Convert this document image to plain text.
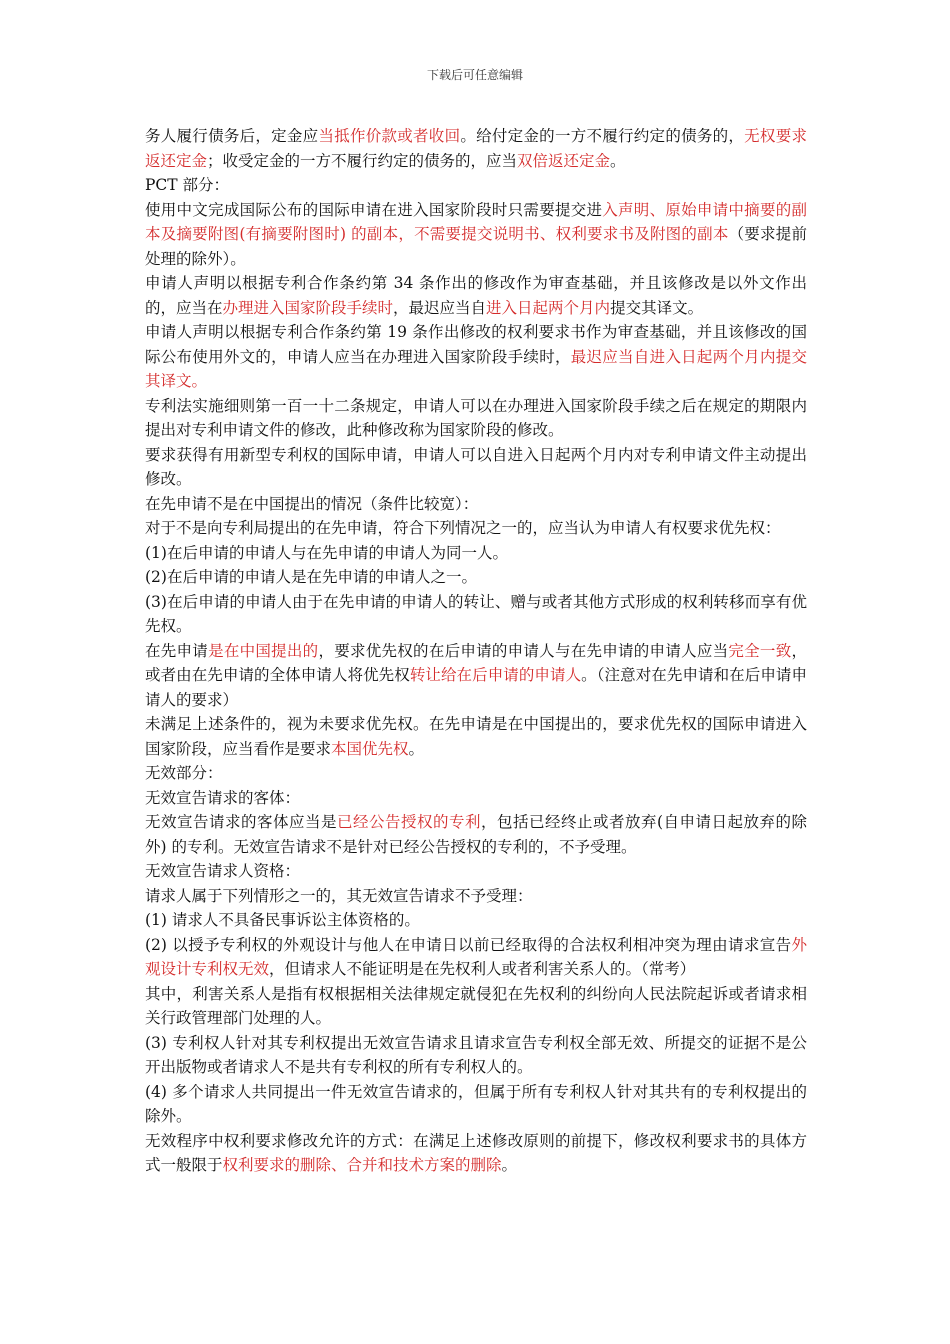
下载后可任意编辑

务人履行债务后，定金应当抵作价款或者收回。给付定金的一方不履行约定的债务的，无权要求返还定金；收受定金的一方不履行约定的债务的，应当双倍返还定金。

PCT 部分：

使用中文完成国际公布的国际申请在进入国家阶段时只需要提交进入声明、原始申请中摘要的副本及摘要附图(有摘要附图时) 的副本，不需要提交说明书、权利要求书及附图的副本（要求提前处理的除外）。

申请人声明以根据专利合作条约第 34 条作出的修改作为审查基础，并且该修改是以外文作出的，应当在办理进入国家阶段手续时，最迟应当自进入日起两个月内提交其译文。

申请人声明以根据专利合作条约第 19 条作出修改的权利要求书作为审查基础，并且该修改的国际公布使用外文的，申请人应当在办理进入国家阶段手续时，最迟应当自进入日起两个月内提交其译文。

专利法实施细则第一百一十二条规定，申请人可以在办理进入国家阶段手续之后在规定的期限内提出对专利申请文件的修改，此种修改称为国家阶段的修改。

要求获得有用新型专利权的国际申请，申请人可以自进入日起两个月内对专利申请文件主动提出修改。

在先申请不是在中国提出的情况（条件比较宽）：

对于不是向专利局提出的在先申请，符合下列情况之一的，应当认为申请人有权要求优先权：

(1)在后申请的申请人与在先申请的申请人为同一人。

(2)在后申请的申请人是在先申请的申请人之一。

(3)在后申请的申请人由于在先申请的申请人的转让、赠与或者其他方式形成的权利转移而享有优先权。

在先申请是在中国提出的，要求优先权的在后申请的申请人与在先申请的申请人应当完全一致，或者由在先申请的全体申请人将优先权转让给在后申请的申请人。（注意对在先申请和在后申请申请人的要求）

未满足上述条件的，视为未要求优先权。在先申请是在中国提出的，要求优先权的国际申请进入国家阶段，应当看作是要求本国优先权。

无效部分：

无效宣告请求的客体：

无效宣告请求的客体应当是已经公告授权的专利，包括已经终止或者放弃(自申请日起放弃的除外) 的专利。无效宣告请求不是针对已经公告授权的专利的，不予受理。

无效宣告请求人资格：

请求人属于下列情形之一的，其无效宣告请求不予受理：

(1) 请求人不具备民事诉讼主体资格的。

(2) 以授予专利权的外观设计与他人在申请日以前已经取得的合法权利相冲突为理由请求宣告外观设计专利权无效，但请求人不能证明是在先权利人或者利害关系人的。（常考）

其中，利害关系人是指有权根据相关法律规定就侵犯在先权利的纠纷向人民法院起诉或者请求相关行政管理部门处理的人。

(3) 专利权人针对其专利权提出无效宣告请求且请求宣告专利权全部无效、所提交的证据不是公开出版物或者请求人不是共有专利权的所有专利权人的。

(4) 多个请求人共同提出一件无效宣告请求的，但属于所有专利权人针对其共有的专利权提出的除外。

无效程序中权利要求修改允许的方式：在满足上述修改原则的前提下，修改权利要求书的具体方式一般限于权利要求的删除、合并和技术方案的删除。
